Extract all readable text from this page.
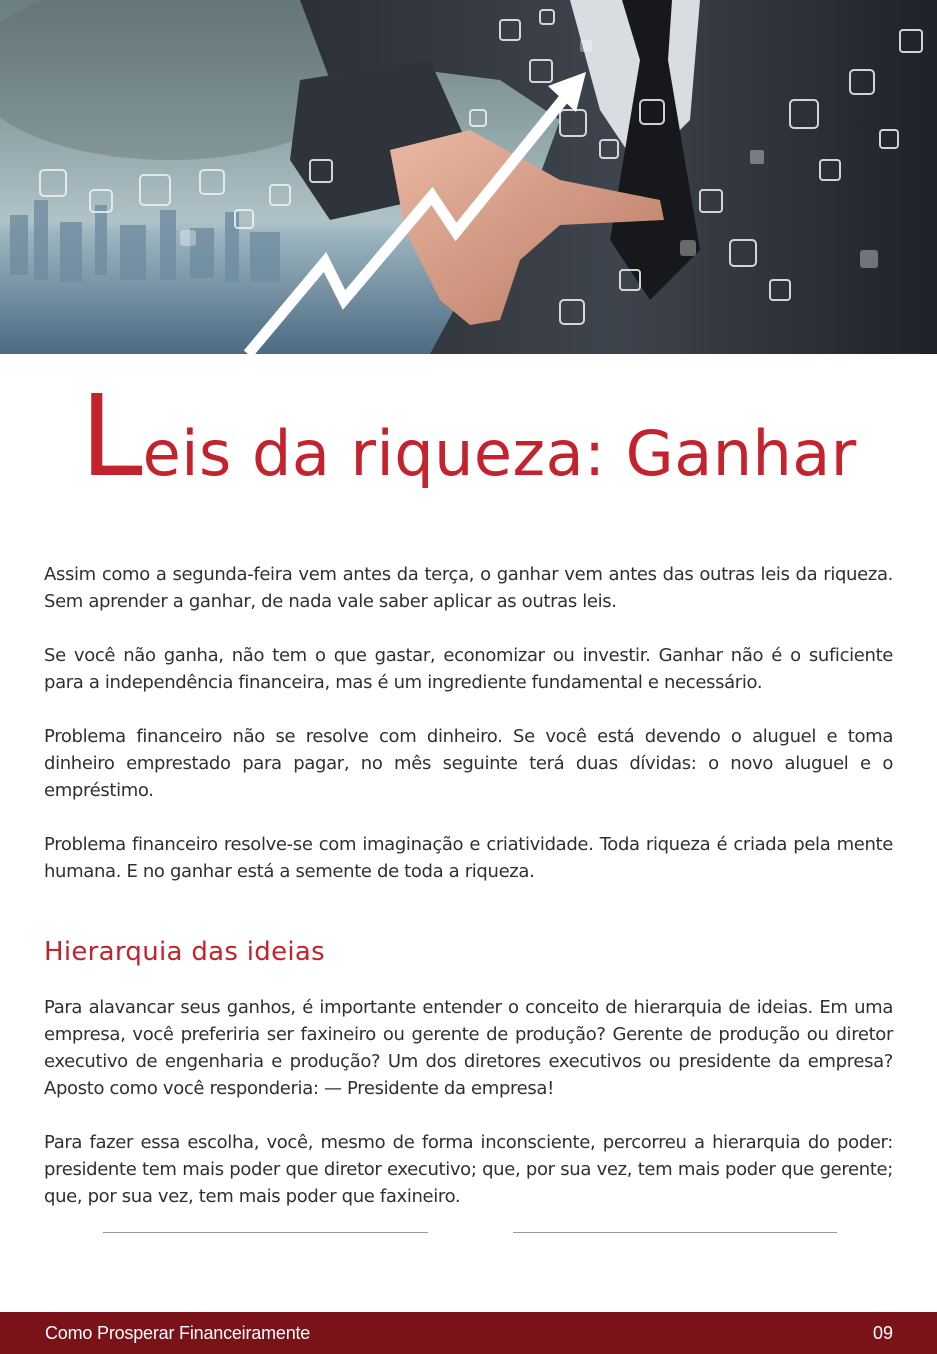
Leis da riqueza: Ganhar

Assim como a segunda-feira vem antes da terça, o ganhar vem antes das outras leis da riqueza. Sem aprender a ganhar, de nada vale saber aplicar as outras leis.

Se você não ganha, não tem o que gastar, economizar ou investir. Ganhar não é o suficiente para a independência financeira, mas é um ingrediente fundamental e necessário.

Problema financeiro não se resolve com dinheiro. Se você está devendo o aluguel e toma dinheiro emprestado para pagar, no mês seguinte terá duas dívidas: o novo aluguel e o empréstimo.

Problema financeiro resolve-se com imaginação e criatividade. Toda riqueza é criada pela mente humana. E no ganhar está a semente de toda a riqueza.

Hierarquia das ideias

Para alavancar seus ganhos, é importante entender o conceito de hierarquia de ideias. Em uma empresa, você preferiria ser faxineiro ou gerente de produção? Gerente de produção ou diretor executivo de engenharia e produção? Um dos diretores executivos ou presidente da empresa? Aposto como você responderia: — Presidente da empresa!

Para fazer essa escolha, você, mesmo de forma inconsciente, percorreu a hierarquia do poder: presidente tem mais poder que diretor executivo; que, por sua vez, tem mais poder que gerente; que, por sua vez, tem mais poder que faxineiro.

Como Prosperar Financeiramente	09
